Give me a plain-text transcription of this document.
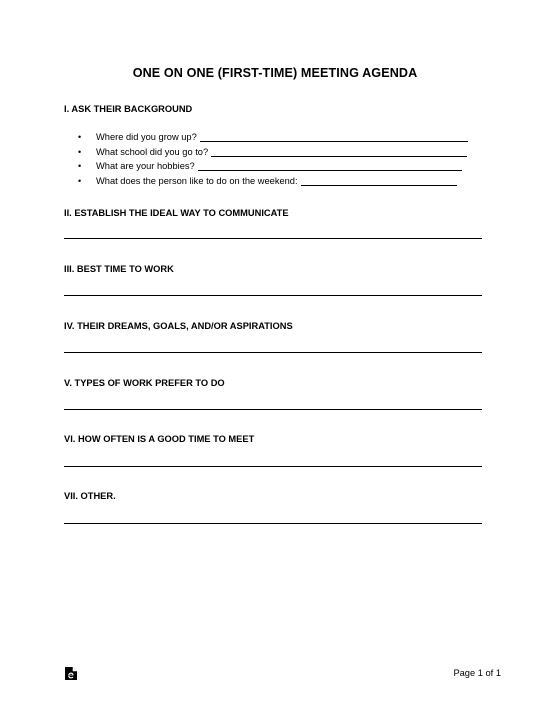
ONE ON ONE (FIRST-TIME) MEETING AGENDA
I. ASK THEIR BACKGROUND
•	Where did you grow up?
•	What school did you go to?
•	What are your hobbies?
•	What does the person like to do on the weekend:
II. ESTABLISH THE IDEAL WAY TO COMMUNICATE
III. BEST TIME TO WORK
IV. THEIR DREAMS, GOALS, AND/OR ASPIRATIONS
V. TYPES OF WORK PREFER TO DO
VI. HOW OFTEN IS A GOOD TIME TO MEET
VII. OTHER.
Page 1 of 1
